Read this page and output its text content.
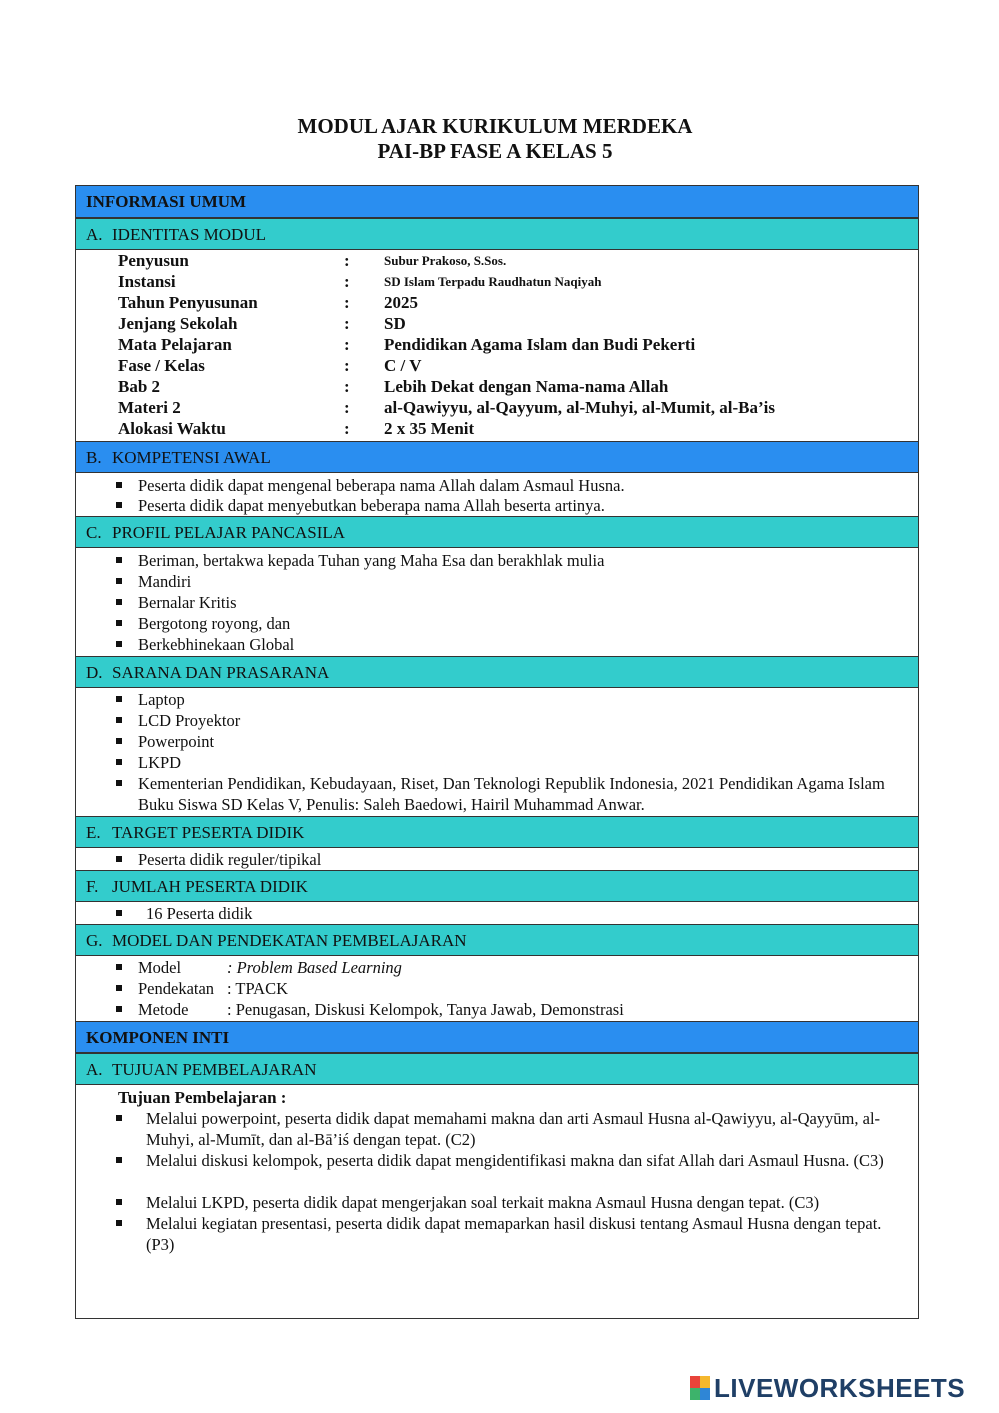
MODUL AJAR KURIKULUM MERDEKA
PAI-BP FASE A KELAS 5
INFORMASI UMUM
A. IDENTITAS MODUL
Penyusun	:	Subur Prakoso, S.Sos.
Instansi	:	SD Islam Terpadu Raudhatun Naqiyah
Tahun Penyusunan	: 2025
Jenjang Sekolah	: SD
Mata Pelajaran	: Pendidikan Agama Islam dan Budi Pekerti
Fase / Kelas	: C / V
Bab 2	: Lebih Dekat dengan Nama-nama Allah
Materi 2	: al-Qawiyyu, al-Qayyum, al-Muhyi, al-Mumit, al-Ba’is
Alokasi Waktu	: 2 x 35 Menit
B. KOMPETENSI AWAL
Peserta didik dapat mengenal beberapa nama Allah dalam Asmaul Husna.
Peserta didik dapat menyebutkan beberapa nama Allah beserta artinya.
C. PROFIL PELAJAR PANCASILA
Beriman, bertakwa kepada Tuhan yang Maha Esa dan berakhlak mulia
Mandiri
Bernalar Kritis
Bergotong royong, dan
Berkebhinekaan Global
D. SARANA DAN PRASARANA
Laptop
LCD Proyektor
Powerpoint
LKPD
Kementerian Pendidikan, Kebudayaan, Riset, Dan Teknologi Republik Indonesia, 2021 Pendidikan Agama Islam Buku Siswa SD Kelas V, Penulis: Saleh Baedowi, Hairil Muhammad Anwar.
E. TARGET PESERTA DIDIK
Peserta didik reguler/tipikal
F. JUMLAH PESERTA DIDIK
16 Peserta didik
G. MODEL DAN PENDEKATAN PEMBELAJARAN
Model	: Problem Based Learning
Pendekatan : TPACK
Metode : Penugasan, Diskusi Kelompok, Tanya Jawab, Demonstrasi
KOMPONEN INTI
A. TUJUAN PEMBELAJARAN
Tujuan Pembelajaran :
Melalui powerpoint, peserta didik dapat memahami makna dan arti Asmaul Husna al-Qawiyyu, al-Qayyūm, al-Muhyi, al-Mumīt, dan al-Bā’iś dengan tepat. (C2)
Melalui diskusi kelompok, peserta didik dapat mengidentifikasi makna dan sifat Allah dari Asmaul Husna. (C3)
Melalui LKPD, peserta didik dapat mengerjakan soal terkait makna Asmaul Husna dengan tepat. (C3)
Melalui kegiatan presentasi, peserta didik dapat memaparkan hasil diskusi tentang Asmaul Husna dengan tepat. (P3)
LIVEWORKSHEETS
